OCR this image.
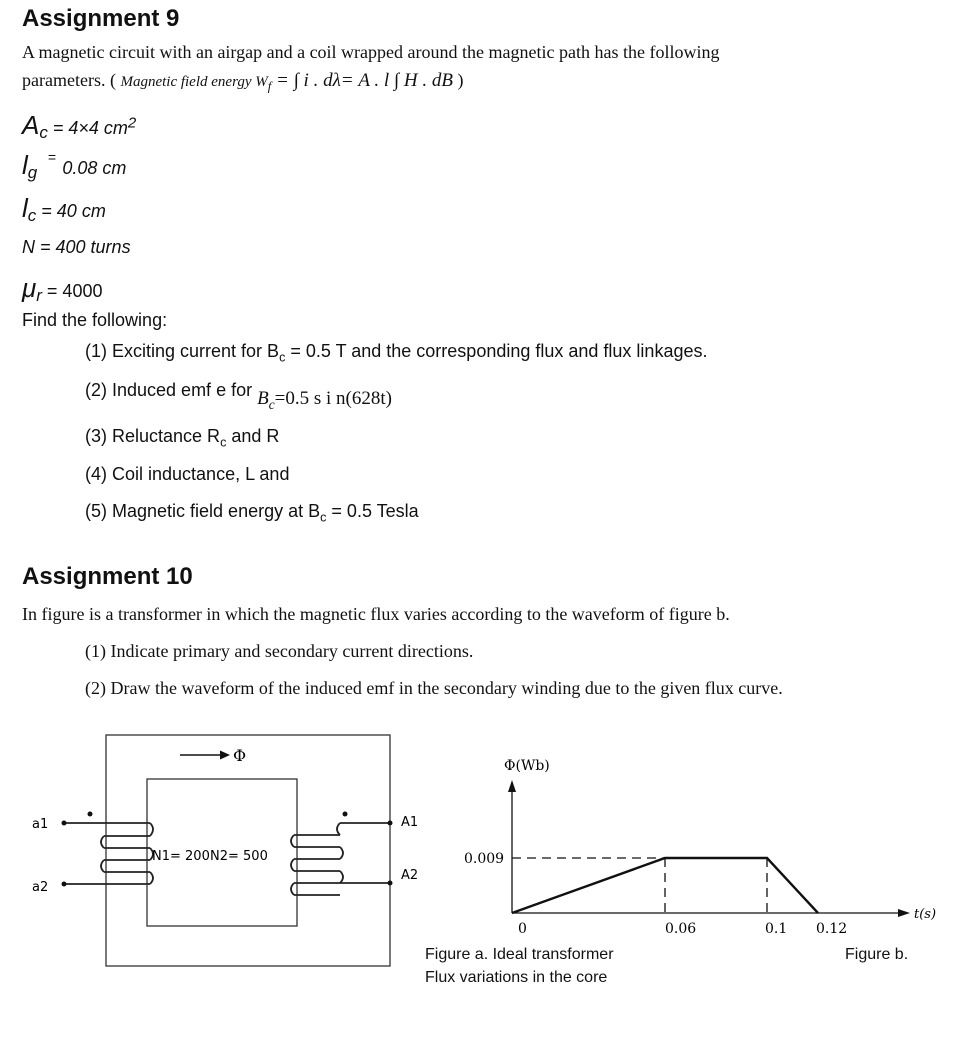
Assignment 9
A magnetic circuit with an airgap and a coil wrapped around the magnetic path has the following
parameters. ( Magnetic field energy $W_f$ = ∫ i . dλ= A . l ∫ H . dB )
$A_c = 4\times 4$ $cm^2$
$l_g = 0.08$ cm
$l_c = 40$ cm
N = 400 turns
$\mu_r = 4000$
Find the following:
(1) Exciting current for $B_c = 0.5$ T and the corresponding flux and flux linkages.
(2) Induced emf e for $B_c=0.5$ s i n(628t)
(3) Reluctance $R_c$ and R
(4) Coil inductance, L and
(5) Magnetic field energy at $B_c = 0.5$ Tesla
Assignment 10
In figure is a transformer in which the magnetic flux varies according to the waveform of figure b.
(1) Indicate primary and secondary current directions.
(2) Draw the waveform of the induced emf in the secondary winding due to the given flux curve.
Φ
a1
a2
N1= 200
A1
A2
N2= 500
Φ(Wb)
t(s)
0.009
0	0.06	0.1 0.12
Figure a. Ideal transformer	Figure b.
Flux variations in the core
